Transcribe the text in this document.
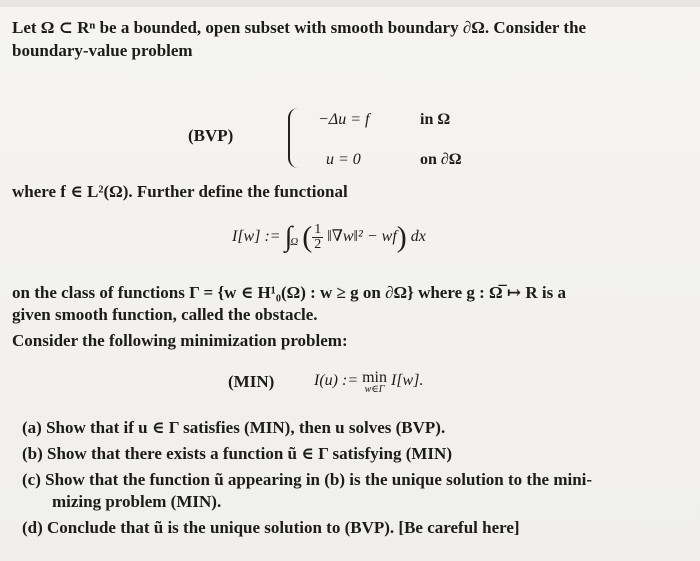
Let Ω ⊂ Rⁿ be a bounded, open subset with smooth boundary ∂Ω. Consider the
boundary-value problem
(BVP)
−Δu = f	in Ω
u = 0	on ∂Ω
where f ∈ L²(Ω). Further define the functional
I[w] := $\int_\Omega$ ( $\frac{1}{2}$ ‖∇w‖² − wf) dx
on the class of functions Γ = {w ∈ H¹₀(Ω) : w ≥ g on ∂Ω} where g : Ω̅ ↦ R is a
given smooth function, called the obstacle.
Consider the following minimization problem:
(MIN) I(u) := min
w∈Γ
I[w].
(a) Show that if u ∈ Γ satisfies (MIN), then u solves (BVP).
(b) Show that there exists a function ũ ∈ Γ satisfying (MIN)
(c) Show that the function ũ appearing in (b) is the unique solution to the mini-
mizing problem (MIN).
(d) Conclude that ũ is the unique solution to (BVP). [Be careful here]
